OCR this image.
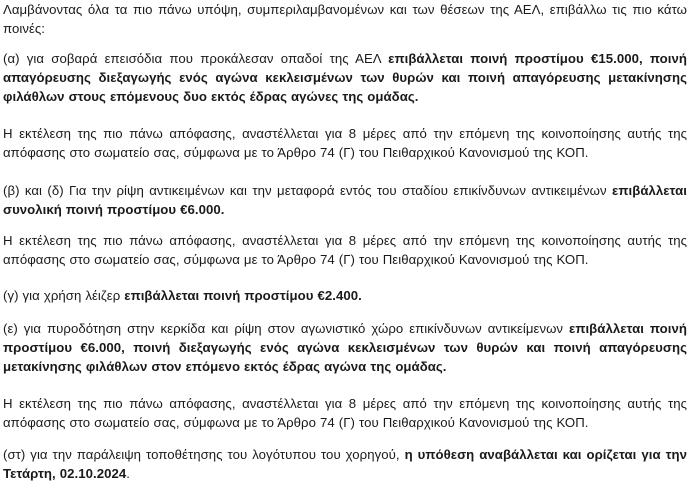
Λαμβάνοντας όλα τα πιο πάνω υπόψη, συμπεριλαμβανομένων και των θέσεων της ΑΕΛ, επιβάλλω τις πιο κάτω ποινές:

(α) για σοβαρά επεισόδια που προκάλεσαν οπαδοί της ΑΕΛ επιβάλλεται ποινή προστίμου €15.000, ποινή απαγόρευσης διεξαγωγής ενός αγώνα κεκλεισμένων των θυρών και ποινή απαγόρευσης μετακίνησης φιλάθλων στους επόμενους δυο εκτός έδρας αγώνες της ομάδας.

Η εκτέλεση της πιο πάνω απόφασης, αναστέλλεται για 8 μέρες από την επόμενη της κοινοποίησης αυτής της απόφασης στο σωματείο σας, σύμφωνα με το Άρθρο 74 (Γ) του Πειθαρχικού Κανονισμού της ΚΟΠ.

(β) και (δ) Για την ρίψη αντικειμένων και την μεταφορά εντός του σταδίου επικίνδυνων αντικειμένων επιβάλλεται συνολική ποινή προστίμου €6.000.

Η εκτέλεση της πιο πάνω απόφασης, αναστέλλεται για 8 μέρες από την επόμενη της κοινοποίησης αυτής της απόφασης στο σωματείο σας, σύμφωνα με το Άρθρο 74 (Γ) του Πειθαρχικού Κανονισμού της ΚΟΠ.

(γ) για χρήση λέιζερ επιβάλλεται ποινή προστίμου €2.400.

(ε) για πυροδότηση στην κερκίδα και ρίψη στον αγωνιστικό χώρο επικίνδυνων αντικείμενων επιβάλλεται ποινή προστίμου €6.000, ποινή διεξαγωγής ενός αγώνα κεκλεισμένων των θυρών και ποινή απαγόρευσης μετακίνησης φιλάθλων στον επόμενο εκτός έδρας αγώνα της ομάδας.

Η εκτέλεση της πιο πάνω απόφασης, αναστέλλεται για 8 μέρες από την επόμενη της κοινοποίησης αυτής της απόφασης στο σωματείο σας, σύμφωνα με το Άρθρο 74 (Γ) του Πειθαρχικού Κανονισμού της ΚΟΠ.

(στ) για την παράλειψη τοποθέτησης του λογότυπου του χορηγού, η υπόθεση αναβάλλεται και ορίζεται για την Τετάρτη, 02.10.2024.
